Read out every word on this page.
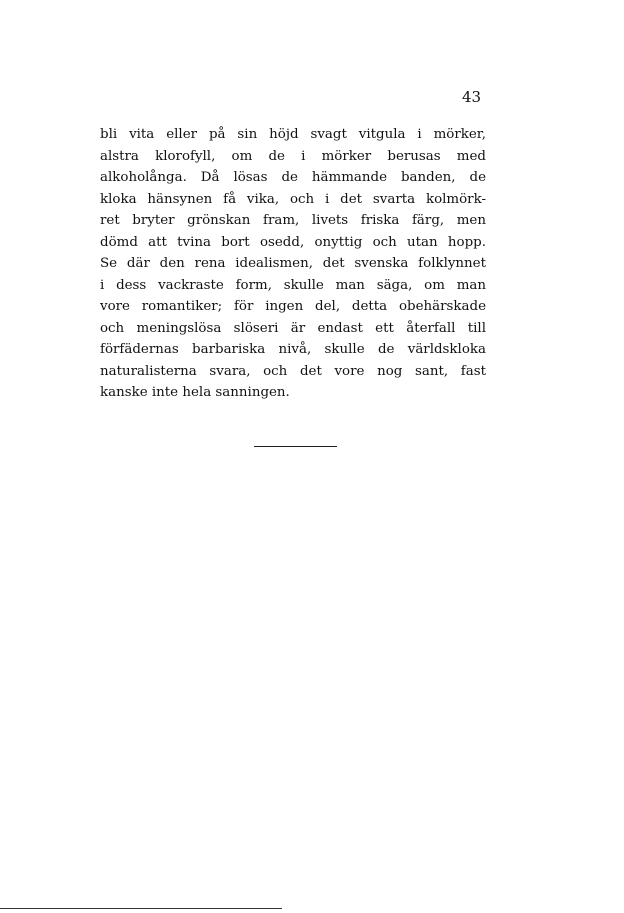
43
bli vita eller på sin höjd svagt vitgula i mörker,
alstra klorofyll, om de i mörker berusas med
alkoholånga. Då lösas de hämmande banden, de
kloka hänsynen få vika, och i det svarta kolmörk-
ret bryter grönskan fram, livets friska färg, men
dömd att tvina bort osedd, onyttig och utan hopp.
Se där den rena idealismen, det svenska folklynnet
i dess vackraste form, skulle man säga, om man
vore romantiker; för ingen del, detta obehärskade
och meningslösa slöseri är endast ett återfall till
förfädernas barbariska nivå, skulle de världskloka
naturalisterna svara, och det vore nog sant, fast
kanske inte hela sanningen.
